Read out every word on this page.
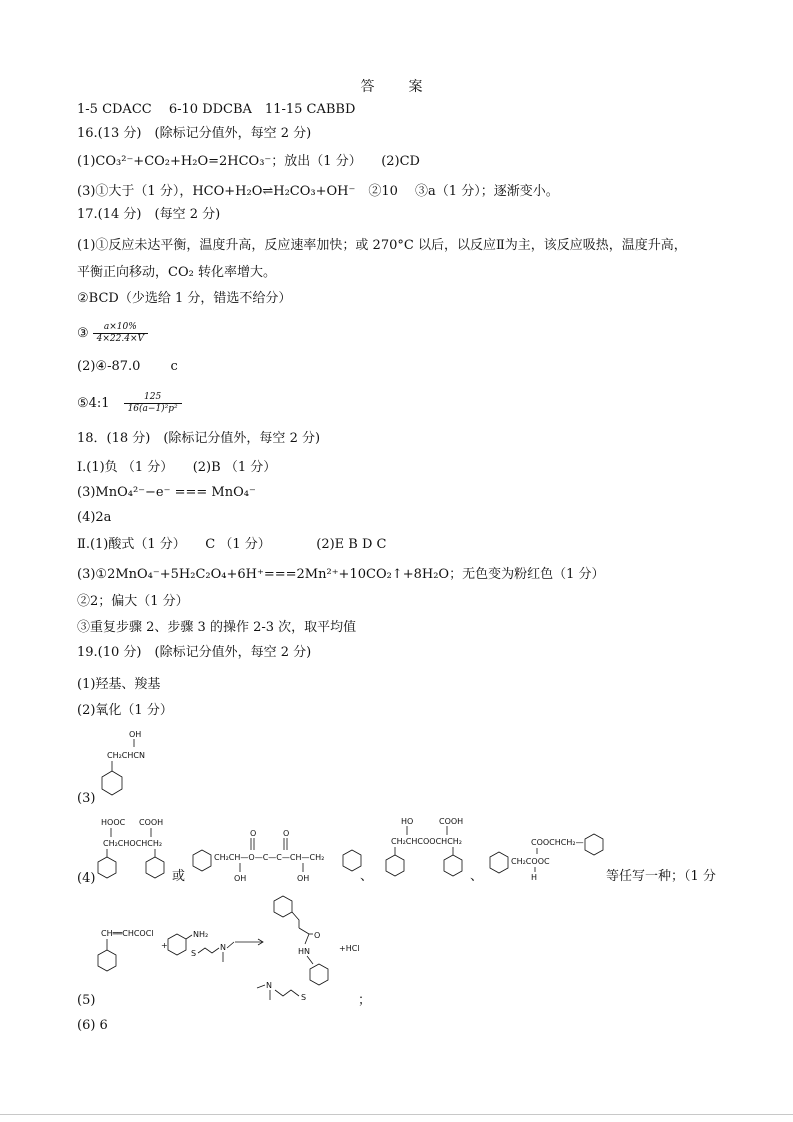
答　案
1-5 CDACC　 6-10 DDCBA　11-15 CABBD
16.(13 分)　(除标记分值外，每空 2 分)
(1)CO₃²⁻+CO₂+H₂O=2HCO₃⁻；放出（1 分）　　(2)CD
(3)①大于（1 分），HCO+H₂O⇌H₂CO₃+OH⁻　②10　 ③a（1 分）；逐渐变小。
17.(14 分)　(每空 2 分)
(1)①反应未达平衡，温度升高，反应速率加快；或 270°C 以后，以反应Ⅱ为主，该反应吸热，温度升高，
平衡正向移动，CO₂ 转化率增大。
②BCD（少选给 1 分，错选不给分）
③ $\frac{a\times 10\%}{4\times 22.4\times V}$
(2)④-87.0　　 c
⑤4:1 $\frac{125}{\text{16(a−1)²p²}}$
18．(18 分)　(除标记分值外，每空 2 分)
Ⅰ.(1)负 （1 分）　　(2)B （1 分）
(3)MnO₄²⁻−e⁻ === MnO₄⁻
(4)2a
Ⅱ.(1)酸式（1 分）　　C （1 分）　　　　(2)E B D C
(3)①2MnO₄⁻+5H₂C₂O₄+6H⁺===2Mn²⁺+10CO₂↑+8H₂O；无色变为粉红色（1 分）
②2；偏大（1 分）
③重复步骤 2、步骤 3 的操作 2-3 次，取平均值
19.(10 分)　(除标记分值外，每空 2 分)
(1)羟基、羧基
(2)氧化（1 分）
OH
CH₂CHCN
(3)
HOOC COOH
CH₂CHOCHCH₂
(4)	或
O	O
CH₂CH—O—C—C—CH—CH₂
OH	OH
HO	COOH
CH₂CHCOOCHCH₂
、	、
COOCHCH₂—
CH₂COOC
H	等任写一种；（1 分
CH══CHCOCl
+
NH₂
S
N
O
HN	+HCl
S
N
(5)	；
(6) 6
